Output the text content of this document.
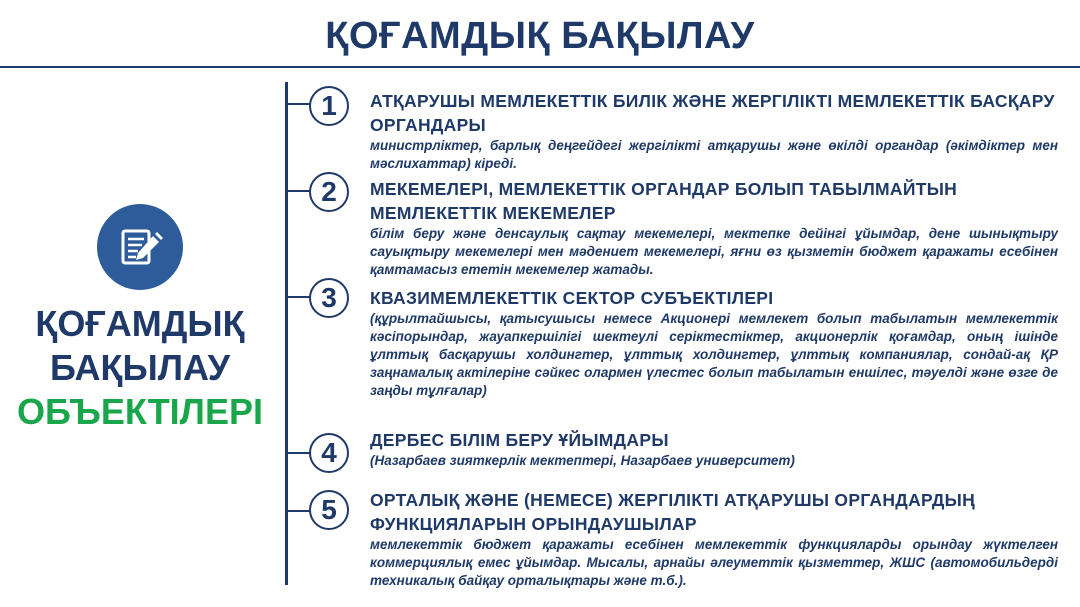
ҚОҒАМДЫҚ БАҚЫЛАУ
ҚОҒАМДЫҚ
БАҚЫЛАУ
ОБЪЕКТІЛЕРІ
1	АТҚАРУШЫ МЕМЛЕКЕТТІК БИЛІК ЖӘНЕ ЖЕРГІЛІКТІ МЕМЛЕКЕТТІК БАСҚАРУ ОРГАНДАРЫ
министрліктер, барлық деңгейдегі жергілікті атқарушы және өкілді органдар (әкімдіктер мен мәслихаттар) кіреді.
2	МЕКЕМЕЛЕРІ, МЕМЛЕКЕТТІК ОРГАНДАР БОЛЫП ТАБЫЛМАЙТЫН МЕМЛЕКЕТТІК МЕКЕМЕЛЕР
білім беру және денсаулық сақтау мекемелері, мектепке дейінгі ұйымдар, дене шынықтыру сауықтыру мекемелері мен мәдениет мекемелері, яғни өз қызметін бюджет қаражаты есебінен қамтамасыз ететін мекемелер жатады.
3	КВАЗИМЕМЛЕКЕТТІК СЕКТОР СУБЪЕКТІЛЕРІ
(құрылтайшысы, қатысушысы немесе Акционері мемлекет болып табылатын мемлекеттік кәсіпорындар, жауапкершілігі шектеулі серіктестіктер, акционерлік қоғамдар, оның ішінде ұлттық басқарушы холдингтер, ұлттық холдингтер, ұлттық компаниялар, сондай-ақ ҚР заңнамалық актілеріне сәйкес олармен үлестес болып табылатын еншілес, тәуелді және өзге де заңды тұлғалар)
4	ДЕРБЕС БІЛІМ БЕРУ ҰЙЫМДАРЫ
(Назарбаев зияткерлік мектептері, Назарбаев университет)
5	ОРТАЛЫҚ ЖӘНЕ (НЕМЕСЕ) ЖЕРГІЛІКТІ АТҚАРУШЫ ОРГАНДАРДЫҢ ФУНКЦИЯЛАРЫН ОРЫНДАУШЫЛАР
мемлекеттік бюджет қаражаты есебінен мемлекеттік функцияларды орындау жүктелген коммерциялық емес ұйымдар. Мысалы, арнайы әлеуметтік қызметтер, ЖШС (автомобильдерді техникалық байқау орталықтары және т.б.).
